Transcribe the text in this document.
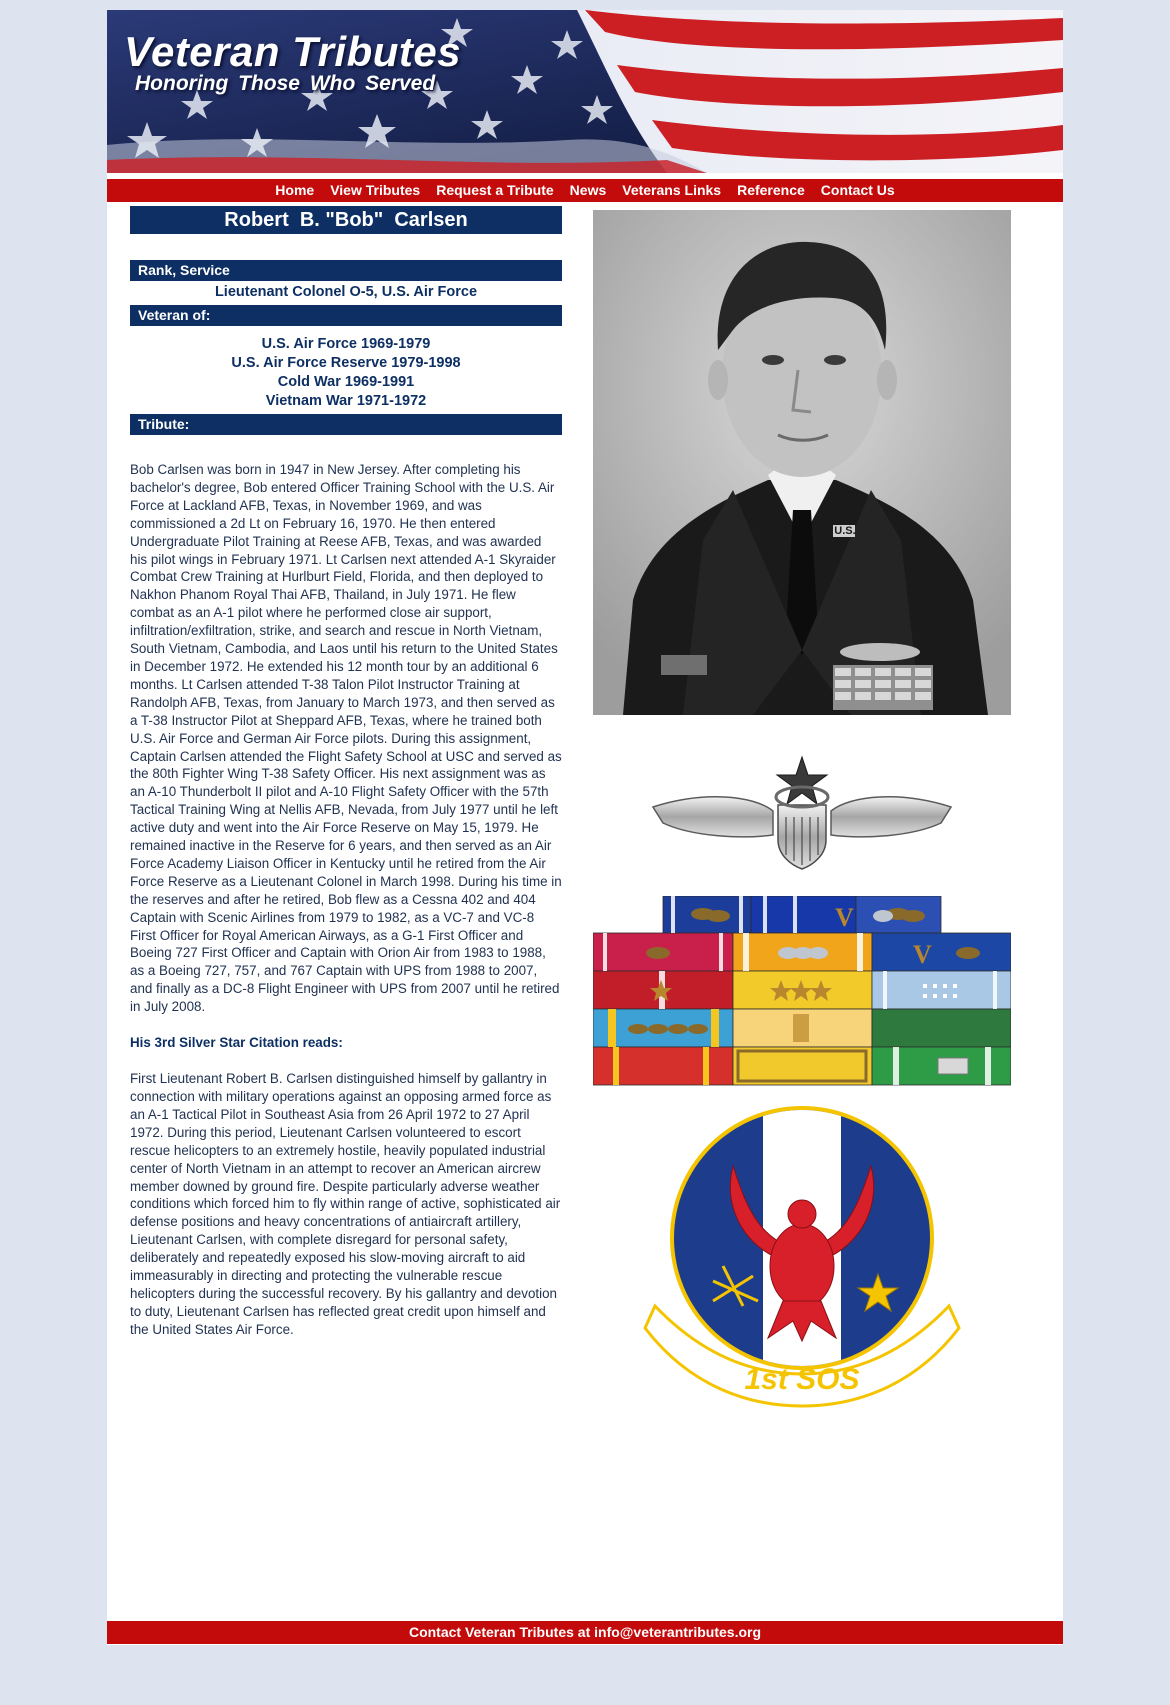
Veteran Tributes

Honoring Those Who Served

Home View Tributes Request a Tribute News Veterans Links Reference Contact Us
Robert  B. "Bob"  Carlsen
Rank, Service
Lieutenant Colonel O-5, U.S. Air Force
Veteran of:
U.S. Air Force 1969-1979
U.S. Air Force Reserve 1979-1998
Cold War 1969-1991
Vietnam War 1971-1972
Tribute:

Bob Carlsen was born in 1947 in New Jersey. After completing his bachelor's degree, Bob entered Officer Training School with the U.S. Air Force at Lackland AFB, Texas, in November 1969, and was commissioned a 2d Lt on February 16, 1970. He then entered Undergraduate Pilot Training at Reese AFB, Texas, and was awarded his pilot wings in February 1971. Lt Carlsen next attended A-1 Skyraider Combat Crew Training at Hurlburt Field, Florida, and then deployed to Nakhon Phanom Royal Thai AFB, Thailand, in July 1971. He flew combat as an A-1 pilot where he performed close air support, infiltration/exfiltration, strike, and search and rescue in North Vietnam, South Vietnam, Cambodia, and Laos until his return to the United States in December 1972. He extended his 12 month tour by an additional 6 months. Lt Carlsen attended T-38 Talon Pilot Instructor Training at Randolph AFB, Texas, from January to March 1973, and then served as a T-38 Instructor Pilot at Sheppard AFB, Texas, where he trained both U.S. Air Force and German Air Force pilots. During this assignment, Captain Carlsen attended the Flight Safety School at USC and served as the 80th Fighter Wing T-38 Safety Officer. His next assignment was as an A-10 Thunderbolt II pilot and A-10 Flight Safety Officer with the 57th Tactical Training Wing at Nellis AFB, Nevada, from July 1977 until he left active duty and went into the Air Force Reserve on May 15, 1979. He remained inactive in the Reserve for 6 years, and then served as an Air Force Academy Liaison Officer in Kentucky until he retired from the Air Force Reserve as a Lieutenant Colonel in March 1998. During his time in the reserves and after he retired, Bob flew as a Cessna 402 and 404 Captain with Scenic Airlines from 1979 to 1982, as a VC-7 and VC-8 First Officer for Royal American Airways, as a G-1 First Officer and Boeing 727 First Officer and Captain with Orion Air from 1983 to 1988, as a Boeing 727, 757, and 767 Captain with UPS from 1988 to 2007, and finally as a DC-8 Flight Engineer with UPS from 2007 until he retired in July 2008.

His 3rd Silver Star Citation reads:

First Lieutenant Robert B. Carlsen distinguished himself by gallantry in connection with military operations against an opposing armed force as an A-1 Tactical Pilot in Southeast Asia from 26 April 1972 to 27 April 1972. During this period, Lieutenant Carlsen volunteered to escort rescue helicopters to an extremely hostile, heavily populated industrial center of North Vietnam in an attempt to recover an American aircrew member downed by ground fire. Despite particularly adverse weather conditions which forced him to fly within range of active, sophisticated air defense positions and heavy concentrations of antiaircraft artillery, Lieutenant Carlsen, with complete disregard for personal safety, deliberately and repeatedly exposed his slow-moving aircraft to aid immeasurably in directing and protecting the vulnerable rescue helicopters during the successful recovery. By his gallantry and devotion to duty, Lieutenant Carlsen has reflected great credit upon himself and the United States Air Force.

U.S.
V
V
1st SOS
Contact Veteran Tributes at info@veterantributes.org
